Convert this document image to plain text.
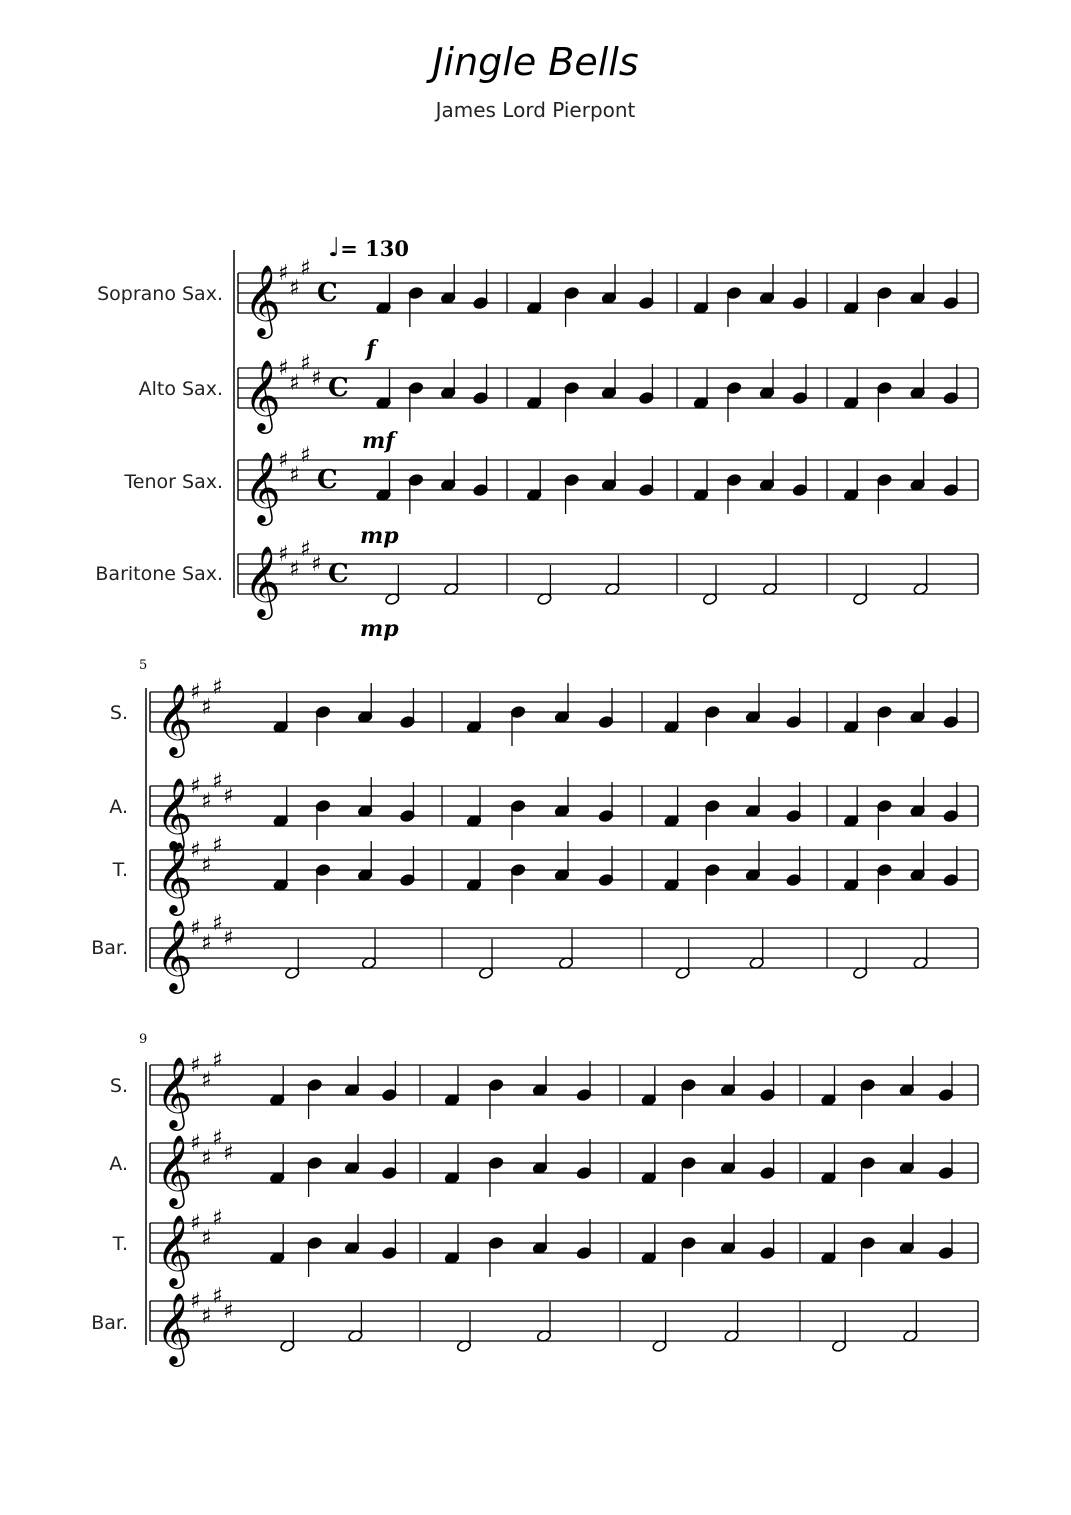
Jingle Bells
James Lord Pierpont
♩= 130
Soprano Sax.
Alto Sax.
Tenor Sax.
Baritone Sax.
S.
A.
T.
Bar.
S.
A.
T.
Bar.
f
mf
mp
mp
5
9
𝄞
♯
♯
♯
C
𝄞
♯
♯
♯
♯ C
𝄞
♯
♯
♯
C
𝄞
♯
♯
♯
♯ C
𝄞
♯
♯
♯
𝄞
♯
♯
♯
♯
𝄞
♯
♯
♯
𝄞
♯
♯
♯
♯
𝄞
♯
♯
♯
𝄞
♯
♯
♯
♯
𝄞
♯
♯
♯
𝄞
♯
♯
♯
♯
